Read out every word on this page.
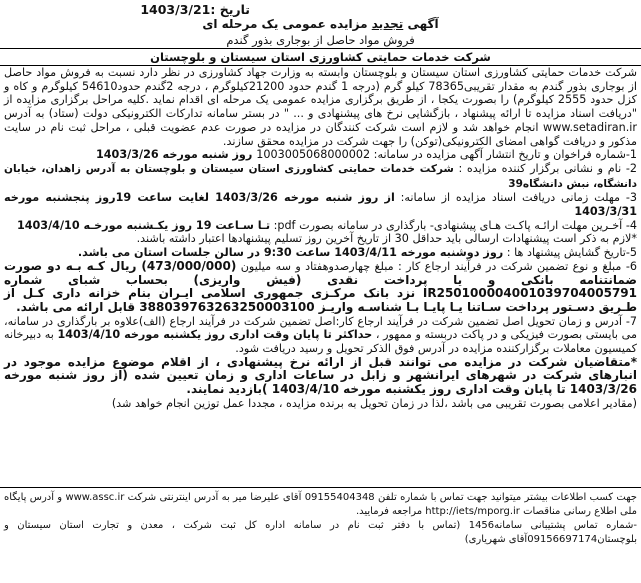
تاریخ :1403/3/21
آگهی تجدید مزایده عمومی یک مرحله ای
فروش مواد حاصل از بوجاری بذور گندم
شرکت خدمات حمایتی کشاورزی استان سیستان و بلوچستان

شرکت خدمات حمایتی کشاورزی استان سیستان و بلوچستان وابسته به وزارت جهاد کشاورزی در نظر دارد نسبت به فروش مواد حاصل از بوجاری بذور گندم به مقدار تقریبی78365 کیلو گرم (درجه 1 گندم حدود 21200کیلوگرم ، درجه 2گندم حدود54610 کیلوگرم و کاه و کزل حدود 2555 کیلوگرم) را بصورت یکجا ، از طریق برگزاری مزایده عمومی یک مرحله ای اقدام نماید .کلیه مراحل برگزاری مزایده از "دریافت اسناد مزایده تا ارائه پیشنهاد ، بازگشایی نرخ های پیشنهادی و ... " در بستر سامانه تدارکات الکترونیکی دولت (ستاد) به آدرس www.setadiran.ir انجام خواهد شد و لازم است شرکت کنندگان در مزایده در صورت عدم عضویت قبلی ، مراحل ثبت نام در سایت مذکور و دریافت گواهی امضای الکترونیکی(توکن) را جهت شرکت در مزایده محقق سازند.

1-شماره فراخوان و تاریخ انتشار آگهی مزایده در سامانه: 1003005068000002 روز شنبه مورخه 1403/3/26

2- نام و نشانی برگزار کننده مزایده : شرکت خدمات حمایتی کشاورزی استان سیستان و بلوچستان به آدرس زاهدان، خیابان دانشگاه، نبش دانشگاه39

3- مهلت زمانی دریافت اسناد مزایده از سامانه: از روز شنبه مورخه 1403/3/26 لغایت ساعت 19روز پنجشنبه مورخه 1403/3/31

4- آخـرین مهلت ارائـه پاکـت هـای پیشنهادی- بارگذاری در سامانه بصورت pdf: تـا سـاعت 19 روز یکـشنبه مورخـه 1403/4/10

*لازم به ذکر است پیشنهادات ارسالی باید حداقل 30 از تاریخ آخرین روز تسلیم پیشنهادها اعتبار داشته باشند.

5-تاریخ گشایش پیشنهاد ها : روز دوشنبه مورخه 1403/4/11 ساعت 9:30 در سالن جلسات استان می باشد.

6- مبلغ و نوع تضمین شرکت در فرآیند ارجاع کار : مبلغ چهارصدوهفتاد و سه میلیون (473/000/000) ریال کـه بـه دو صورت ضمانتنامه بانکی و یا پرداخت نقدی (فیش واریزی) بحساب شبای شماره IR250100004001039704005791 نزد بانک مرکـزی جمهوری اسلامی ایـران بنام خزانه داری کـل از طـریق دسـتور پرداخت سـاتنا یـا پایـا بـا شناسـه واریـز 388039763263250003100 قابل ارائه می باشد.

7- آدرس و زمان تحویل اصل تضمین شرکت در فرآیند ارجاع کار:اصل تضمین شرکت در فرآیند ارجاع (الف)علاوه بر بارگذاری در سامانه، می بایستی بصورت فیزیکی و در پاکت دربسته و ممهور ، حداکثر تا پایان وقت اداری روز یکشنبه مورخه 1403/4/10 به دبیرخانه کمیسیون معاملات برگزارکننده مزایده در آدرس فوق الذکر تحویل و رسید دریافت شود.

*متقاضیان شرکت در مزایده می توانند قبل از ارائه نرخ پیشنهادی ، از اقلام موضوع مزایده موجود در انبارهای شرکت در شهرهای ایرانشهر و زابل در ساعات اداری و زمان تعیین شده (از روز شنبه مورخه 1403/3/26 تا پایان وقت اداری روز یکشنبه مورخه 1403/4/10 )بازدید نمایند.

(مقادیر اعلامی بصورت تقریبی می باشد ،لذا در زمان تحویل به برنده مزایده ، مجددا عمل توزین انجام خواهد شد)

جهت کسب اطلاعات بیشتر میتوانید جهت تماس با شماره تلفن 09155404348 آقای علیرضا میر به آدرس اینترنتی شرکت www.assc.ir و آدرس پایگاه ملی اطلاع رسانی مناقصات http://iets/mporg.ir مراجعه فرمایید.
-شماره تماس پشتیبانی سامانه1456 (تماس با دفتر ثبت نام در سامانه اداره کل ثبت شرکت ، معدن و تجارت استان سیستان و بلوچستان09156697174آقای شهریاری)
